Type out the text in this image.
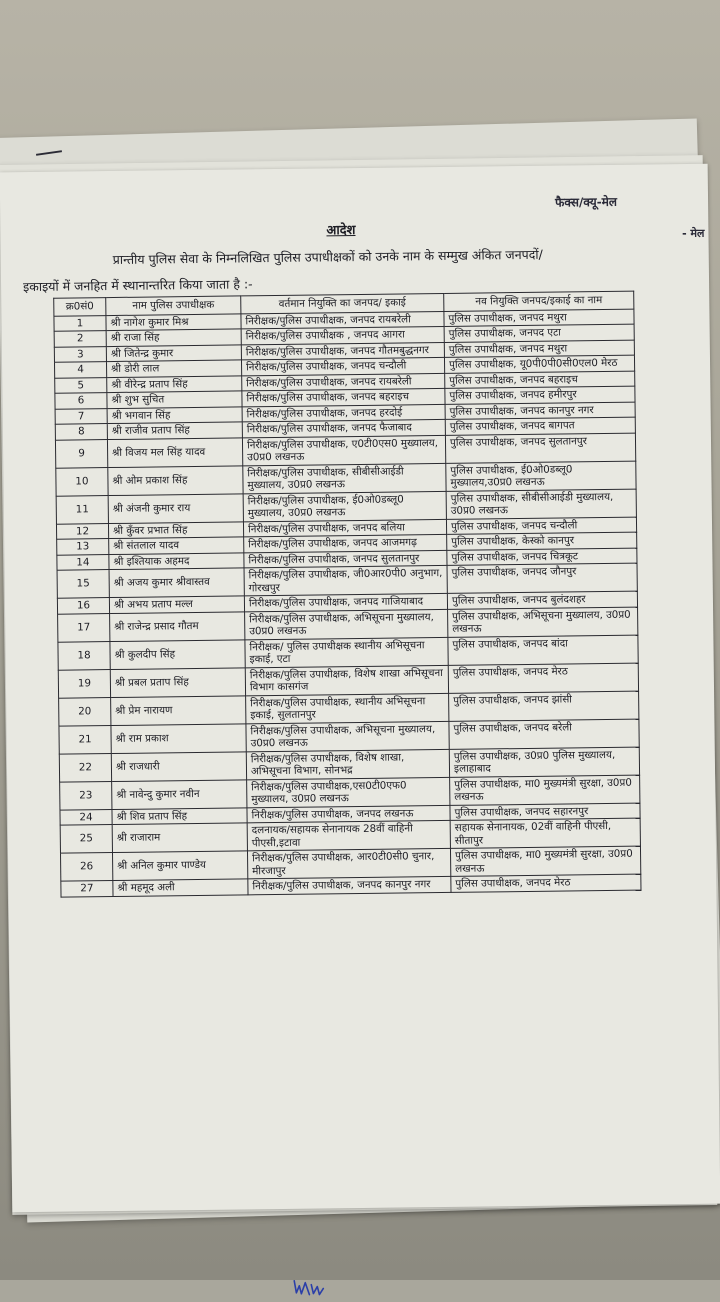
फैक्स/क्यू-मेल
- मेल
आदेश
प्रान्तीय पुलिस सेवा के निम्नलिखित पुलिस उपाधीक्षकों को उनके नाम के सम्मुख अंकित जनपदों/
इकाइयों में जनहित में स्थानान्तरित किया जाता है :-
क्र0सं0	नाम पुलिस उपाधीक्षक	वर्तमान नियुक्ति का जनपद/ इकाई	नव नियुक्ति जनपद/इकाई का नाम
1	श्री नागेश कुमार मिश्र	निरीक्षक/पुलिस उपाधीक्षक, जनपद रायबरेली	पुलिस उपाधीक्षक, जनपद मथुरा
2	श्री राजा सिंह	निरीक्षक/पुलिस उपाधीक्षक , जनपद आगरा	पुलिस उपाधीक्षक, जनपद एटा
3	श्री जितेन्द्र कुमार	निरीक्षक/पुलिस उपाधीक्षक, जनपद गौतमबुद्धनगर	पुलिस उपाधीक्षक, जनपद मथुरा
4	श्री डोरी लाल	निरीक्षक/पुलिस उपाधीक्षक, जनपद चन्दौली	पुलिस उपाधीक्षक, यू0पी0पी0सी0एल0 मेरठ
5	श्री वीरेन्द्र प्रताप सिंह	निरीक्षक/पुलिस उपाधीक्षक, जनपद रायबरेली	पुलिस उपाधीक्षक, जनपद बहराइच
6	श्री शुभ सुचित	निरीक्षक/पुलिस उपाधीक्षक, जनपद बहराइच	पुलिस उपाधीक्षक, जनपद हमीरपुर
7	श्री भगवान सिंह	निरीक्षक/पुलिस उपाधीक्षक, जनपद हरदोई	पुलिस उपाधीक्षक, जनपद कानपुर नगर
8	श्री राजीव प्रताप सिंह	निरीक्षक/पुलिस उपाधीक्षक, जनपद फैजाबाद	पुलिस उपाधीक्षक, जनपद बागपत
9	श्री विजय मल सिंह यादव	निरीक्षक/पुलिस उपाधीक्षक, ए0टी0एस0 मुख्यालय, उ0प्र0 लखनऊ	पुलिस उपाधीक्षक, जनपद सुलतानपुर
10	श्री ओम प्रकाश सिंह	निरीक्षक/पुलिस उपाधीक्षक, सीबीसीआईडी मुख्यालय, उ0प्र0 लखनऊ	पुलिस उपाधीक्षक, ई0ओ0डब्लू0 मुख्यालय,उ0प्र0 लखनऊ
11	श्री अंजनी कुमार राय	निरीक्षक/पुलिस उपाधीक्षक, ई0ओ0डब्लू0 मुख्यालय, उ0प्र0 लखनऊ	पुलिस उपाधीक्षक, सीबीसीआईडी मुख्यालय, उ0प्र0 लखनऊ
12	श्री कुँवर प्रभात सिंह	निरीक्षक/पुलिस उपाधीक्षक, जनपद बलिया	पुलिस उपाधीक्षक, जनपद चन्दौली
13	श्री संतलाल यादव	निरीक्षक/पुलिस उपाधीक्षक, जनपद आजमगढ़	पुलिस उपाधीक्षक, केस्को कानपुर
14	श्री इश्तियाक अहमद	निरीक्षक/पुलिस उपाधीक्षक, जनपद सुलतानपुर	पुलिस उपाधीक्षक, जनपद चित्रकूट
15	श्री अजय कुमार श्रीवास्तव	निरीक्षक/पुलिस उपाधीक्षक, जी0आर0पी0 अनुभाग, गोरखपुर	पुलिस उपाधीक्षक, जनपद जौनपुर
16	श्री अभय प्रताप मल्ल	निरीक्षक/पुलिस उपाधीक्षक, जनपद गाजियाबाद	पुलिस उपाधीक्षक, जनपद बुलंदशहर
17	श्री राजेन्द्र प्रसाद गौतम	निरीक्षक/पुलिस उपाधीक्षक, अभिसूचना मुख्यालय, उ0प्र0 लखनऊ	पुलिस उपाधीक्षक, अभिसूचना मुख्यालय, उ0प्र0 लखनऊ
18	श्री कुलदीप सिंह	निरीक्षक/ पुलिस उपाधीक्षक स्थानीय अभिसूचना इकाई, एटा	पुलिस उपाधीक्षक, जनपद बांदा
19	श्री प्रबल प्रताप सिंह	निरीक्षक/पुलिस उपाधीक्षक, विशेष शाखा अभिसूचना विभाग कासगंज	पुलिस उपाधीक्षक, जनपद मेरठ
20	श्री प्रेम नारायण	निरीक्षक/पुलिस उपाधीक्षक, स्थानीय अभिसूचना इकाई, सुलतानपुर	पुलिस उपाधीक्षक, जनपद झांसी
21	श्री राम प्रकाश	निरीक्षक/पुलिस उपाधीक्षक, अभिसूचना मुख्यालय, उ0प्र0 लखनऊ	पुलिस उपाधीक्षक, जनपद बरेली
22	श्री राजधारी	निरीक्षक/पुलिस उपाधीक्षक, विशेष शाखा, अभिसूचना विभाग, सोनभद्र	पुलिस उपाधीक्षक, उ0प्र0 पुलिस मुख्यालय, इलाहाबाद
23	श्री नावेन्दु कुमार नवीन	निरीक्षक/पुलिस उपाधीक्षक,एस0टी0एफ0 मुख्यालय, उ0प्र0 लखनऊ	पुलिस उपाधीक्षक, मा0 मुख्यमंत्री सुरक्षा, उ0प्र0 लखनऊ
24	श्री शिव प्रताप सिंह	निरीक्षक/पुलिस उपाधीक्षक, जनपद लखनऊ	पुलिस उपाधीक्षक, जनपद सहारनपुर
25	श्री राजाराम	दलनायक/सहायक सेनानायक 28वीं वाहिनी पीएसी,इटावा	सहायक सेनानायक, 02वीं वाहिनी पीएसी, सीतापुर
26	श्री अनिल कुमार पाण्डेय	निरीक्षक/पुलिस उपाधीक्षक, आर0टी0सी0 चुनार, मीरजापुर	पुलिस उपाधीक्षक, मा0 मुख्यमंत्री सुरक्षा, उ0प्र0 लखनऊ
27	श्री महमूद अली	निरीक्षक/पुलिस उपाधीक्षक, जनपद कानपुर नगर	पुलिस उपाधीक्षक, जनपद मेरठ
